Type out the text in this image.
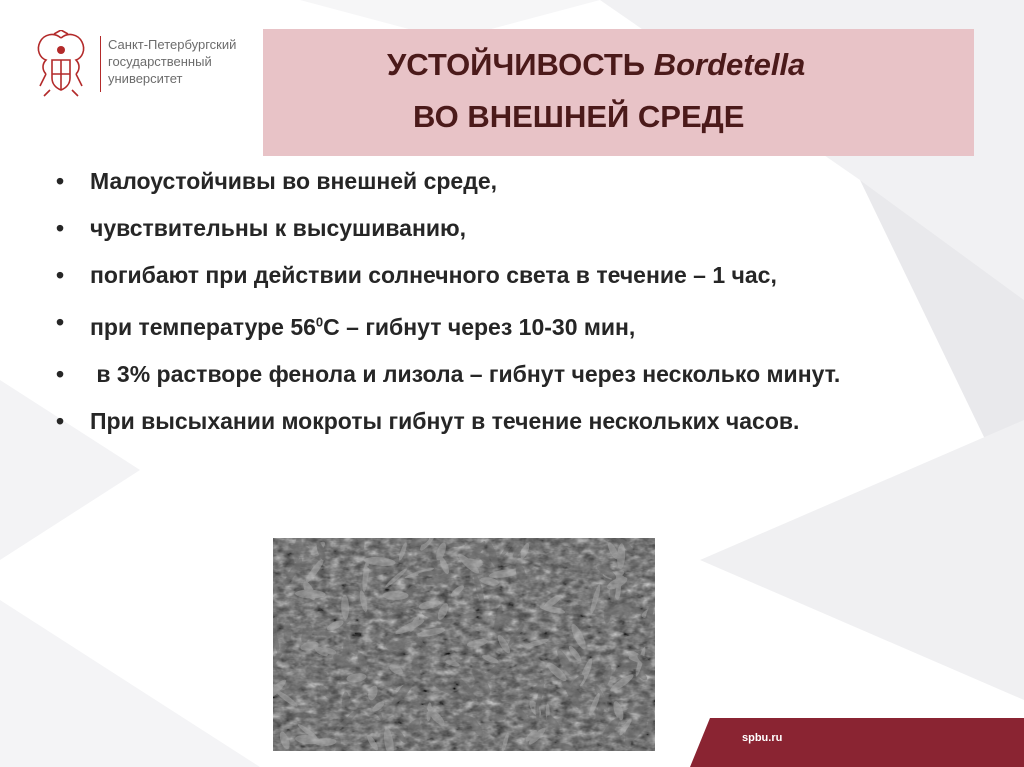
Санкт-Петербургский
государственный
университет	УСТОЙЧИВОСТЬ Bordetella
ВО ВНЕШНЕЙ СРЕДЕ
•	Малоустойчивы во внешней среде,
•	чувствительны к высушиванию,
•	погибают при действии солнечного света в течение – 1 час,
•	при температуре $56^0С$ – гибнут через 10-30 мин,
•	в 3% растворе фенола и лизола – гибнут через несколько минут.
•	При высыхании мокроты гибнут в течение нескольких часов.
spbu.ru
